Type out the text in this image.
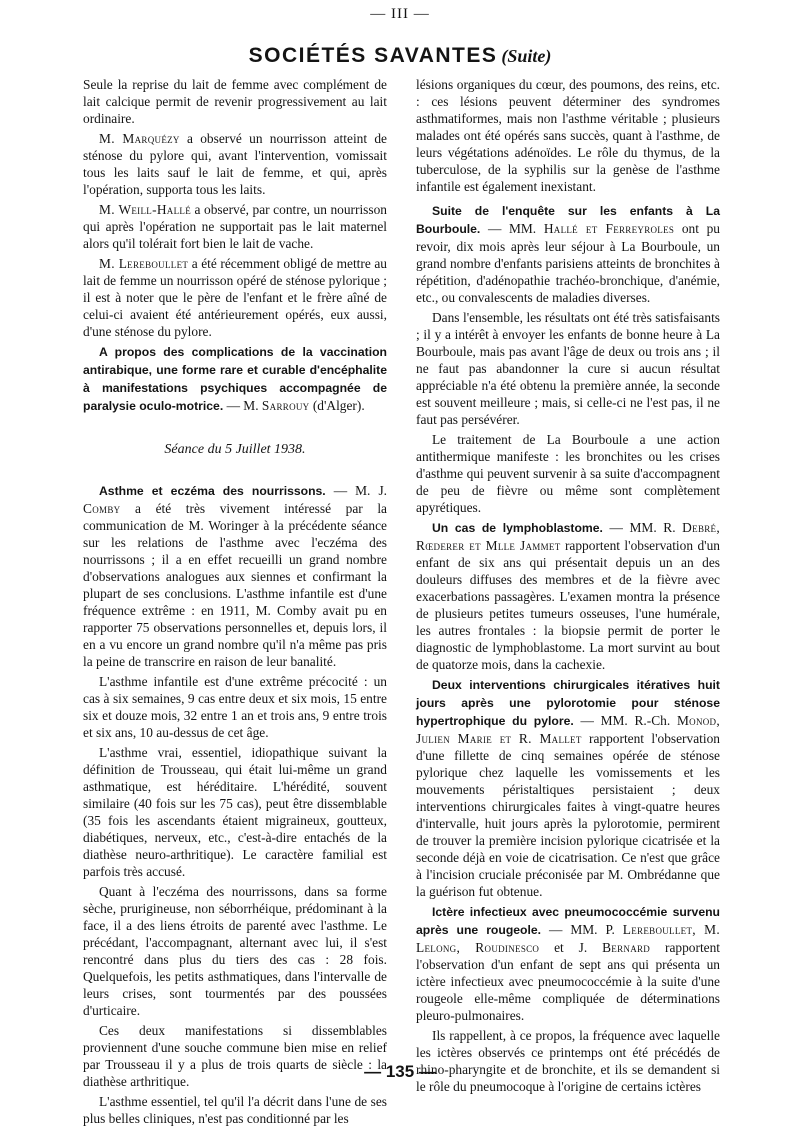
— III —
SOCIÉTÉS SAVANTES (Suite)

Seule la reprise du lait de femme avec complément de lait calcique permit de revenir progressivement au lait ordinaire.

M. Marquézy a observé un nourrisson atteint de sténose du pylore qui, avant l'intervention, vomissait tous les laits sauf le lait de femme, et qui, après l'opération, supporta tous les laits.

M. Weill-Hallé a observé, par contre, un nourrisson qui après l'opération ne supportait pas le lait maternel alors qu'il tolérait fort bien le lait de vache.

M. Lereboullet a été récemment obligé de mettre au lait de femme un nourrisson opéré de sténose pylorique ; il est à noter que le père de l'enfant et le frère aîné de celui-ci avaient été antérieurement opérés, eux aussi, d'une sténose du pylore.

A propos des complications de la vaccination antirabique, une forme rare et curable d'encéphalite à manifestations psychiques accompagnée de paralysie oculo-motrice. — M. Sarrouy (d'Alger).

Séance du 5 Juillet 1938.

Asthme et eczéma des nourrissons. — M. J. Comby a été très vivement intéressé par la communication de M. Woringer à la précédente séance sur les relations de l'asthme avec l'eczéma des nourrissons ; il a en effet recueilli un grand nombre d'observations analogues aux siennes et confirmant la plupart de ses conclusions. L'asthme infantile est d'une fréquence extrême : en 1911, M. Comby avait pu en rapporter 75 observations personnelles et, depuis lors, il en a vu encore un grand nombre qu'il n'a même pas pris la peine de transcrire en raison de leur banalité.

L'asthme infantile est d'une extrême précocité : un cas à six semaines, 9 cas entre deux et six mois, 15 entre six et douze mois, 32 entre 1 an et trois ans, 9 entre trois et six ans, 10 au-dessus de cet âge.

L'asthme vrai, essentiel, idiopathique suivant la définition de Trousseau, qui était lui-même un grand asthmatique, est héréditaire. L'hérédité, souvent similaire (40 fois sur les 75 cas), peut être dissemblable (35 fois les ascendants étaient migraineux, goutteux, diabétiques, nerveux, etc., c'est-à-dire entachés de la diathèse neuro-arthritique). Le caractère familial est parfois très accusé.

Quant à l'eczéma des nourrissons, dans sa forme sèche, prurigineuse, non séborrhéique, prédominant à la face, il a des liens étroits de parenté avec l'asthme. Le précédant, l'accompagnant, alternant avec lui, il s'est rencontré dans plus du tiers des cas : 28 fois. Quelquefois, les petits asthmatiques, dans l'intervalle de leurs crises, sont tourmentés par des poussées d'urticaire.

Ces deux manifestations si dissemblables proviennent d'une souche commune bien mise en relief par Trousseau il y a plus de trois quarts de siècle : la diathèse arthritique.

L'asthme essentiel, tel qu'il l'a décrit dans l'une de ses plus belles cliniques, n'est pas conditionné par les

lésions organiques du cœur, des poumons, des reins, etc. : ces lésions peuvent déterminer des syndromes asthmatiformes, mais non l'asthme véritable ; plusieurs malades ont été opérés sans succès, quant à l'asthme, de leurs végétations adénoïdes. Le rôle du thymus, de la tuberculose, de la syphilis sur la genèse de l'asthme infantile est également inexistant.

Suite de l'enquête sur les enfants à La Bourboule. — MM. Hallé et Ferreyroles ont pu revoir, dix mois après leur séjour à La Bourboule, un grand nombre d'enfants parisiens atteints de bronchites à répétition, d'adénopathie trachéo-bronchique, d'anémie, etc., ou convalescents de maladies diverses.

Dans l'ensemble, les résultats ont été très satisfaisants ; il y a intérêt à envoyer les enfants de bonne heure à La Bourboule, mais pas avant l'âge de deux ou trois ans ; il ne faut pas abandonner la cure si aucun résultat appréciable n'a été obtenu la première année, la seconde est souvent meilleure ; mais, si celle-ci ne l'est pas, il ne faut pas persévérer.

Le traitement de La Bourboule a une action antithermique manifeste : les bronchites ou les crises d'asthme qui peuvent survenir à sa suite d'accompagnent de peu de fièvre ou même sont complètement apyrétiques.

Un cas de lymphoblastome. — MM. R. Debré, Rœderer et Mlle Jammet rapportent l'observation d'un enfant de six ans qui présentait depuis un an des douleurs diffuses des membres et de la fièvre avec exacerbations passagères. L'examen montra la présence de plusieurs petites tumeurs osseuses, l'une humérale, les autres frontales : la biopsie permit de porter le diagnostic de lymphoblastome. La mort survint au bout de quatorze mois, dans la cachexie.

Deux interventions chirurgicales itératives huit jours après une pylorotomie pour sténose hypertrophique du pylore. — MM. R.-Ch. Monod, Julien Marie et R. Mallet rapportent l'observation d'une fillette de cinq semaines opérée de sténose pylorique chez laquelle les vomissements et les mouvements péristaltiques persistaient ; deux interventions chirurgicales faites à vingt-quatre heures d'intervalle, huit jours après la pylorotomie, permirent de trouver la première incision pylorique cicatrisée et la seconde déjà en voie de cicatrisation. Ce n'est que grâce à l'incision cruciale préconisée par M. Ombrédanne que la guérison fut obtenue.

Ictère infectieux avec pneumococcémie survenu après une rougeole. — MM. P. Lereboullet, M. Lelong, Roudinesco et J. Bernard rapportent l'observation d'un enfant de sept ans qui présenta un ictère infectieux avec pneumococcémie à la suite d'une rougeole elle-même compliquée de déterminations pleuro-pulmonaires.

Ils rappellent, à ce propos, la fréquence avec laquelle les ictères observés ce printemps ont été précédés de rhino-pharyngite et de bronchite, et ils se demandent si le rôle du pneumocoque à l'origine de certains ictères

— 135 —
